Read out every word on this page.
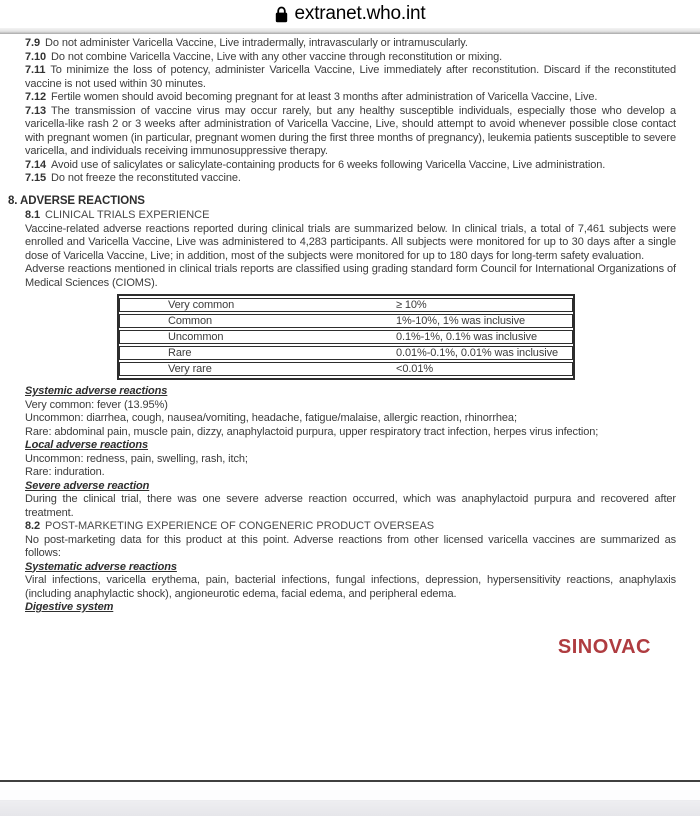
extranet.who.int

7.9 Do not administer Varicella Vaccine, Live intradermally, intravascularly or intramuscularly.

7.10 Do not combine Varicella Vaccine, Live with any other vaccine through reconstitution or mixing.

7.11 To minimize the loss of potency, administer Varicella Vaccine, Live immediately after reconstitution. Discard if the reconstituted vaccine is not used within 30 minutes.

7.12 Fertile women should avoid becoming pregnant for at least 3 months after administration of Varicella Vaccine, Live.

7.13 The transmission of vaccine virus may occur rarely, but any healthy susceptible individuals, especially those who develop a varicella-like rash 2 or 3 weeks after administration of Varicella Vaccine, Live, should attempt to avoid whenever possible close contact with pregnant women (in particular, pregnant women during the first three months of pregnancy), leukemia patients susceptible to severe varicella, and individuals receiving immunosuppressive therapy.

7.14 Avoid use of salicylates or salicylate-containing products for 6 weeks following Varicella Vaccine, Live administration.

7.15 Do not freeze the reconstituted vaccine.

8. ADVERSE REACTIONS

8.1 CLINICAL TRIALS EXPERIENCE

Vaccine-related adverse reactions reported during clinical trials are summarized below. In clinical trials, a total of 7,461 subjects were enrolled and Varicella Vaccine, Live was administered to 4,283 participants. All subjects were monitored for up to 30 days after a single dose of Varicella Vaccine, Live; in addition, most of the subjects were monitored for up to 180 days for long-term safety evaluation.

Adverse reactions mentioned in clinical trials reports are classified using grading standard form Council for International Organizations of Medical Sciences (CIOMS).

Very common	≥ 10%
Common	1%-10%, 1% was inclusive
Uncommon	0.1%-1%, 0.1% was inclusive
Rare	0.01%-0.1%, 0.01% was inclusive
Very rare	<0.01%

Systemic adverse reactions

Very common: fever (13.95%)

Uncommon: diarrhea, cough, nausea/vomiting, headache, fatigue/malaise, allergic reaction, rhinorrhea;

Rare: abdominal pain, muscle pain, dizzy, anaphylactoid purpura, upper respiratory tract infection, herpes virus infection;

Local adverse reactions

Uncommon: redness, pain, swelling, rash, itch;

Rare: induration.

Severe adverse reaction

During the clinical trial, there was one severe adverse reaction occurred, which was anaphylactoid purpura and recovered after treatment.

8.2 POST-MARKETING EXPERIENCE OF CONGENERIC PRODUCT OVERSEAS

No post-marketing data for this product at this point. Adverse reactions from other licensed varicella vaccines are summarized as follows:

Systematic adverse reactions

Viral infections, varicella erythema, pain, bacterial infections, fungal infections, depression, hypersensitivity reactions, anaphylaxis (including anaphylactic shock), angioneurotic edema, facial edema, and peripheral edema.

Digestive system

SINOVAC
